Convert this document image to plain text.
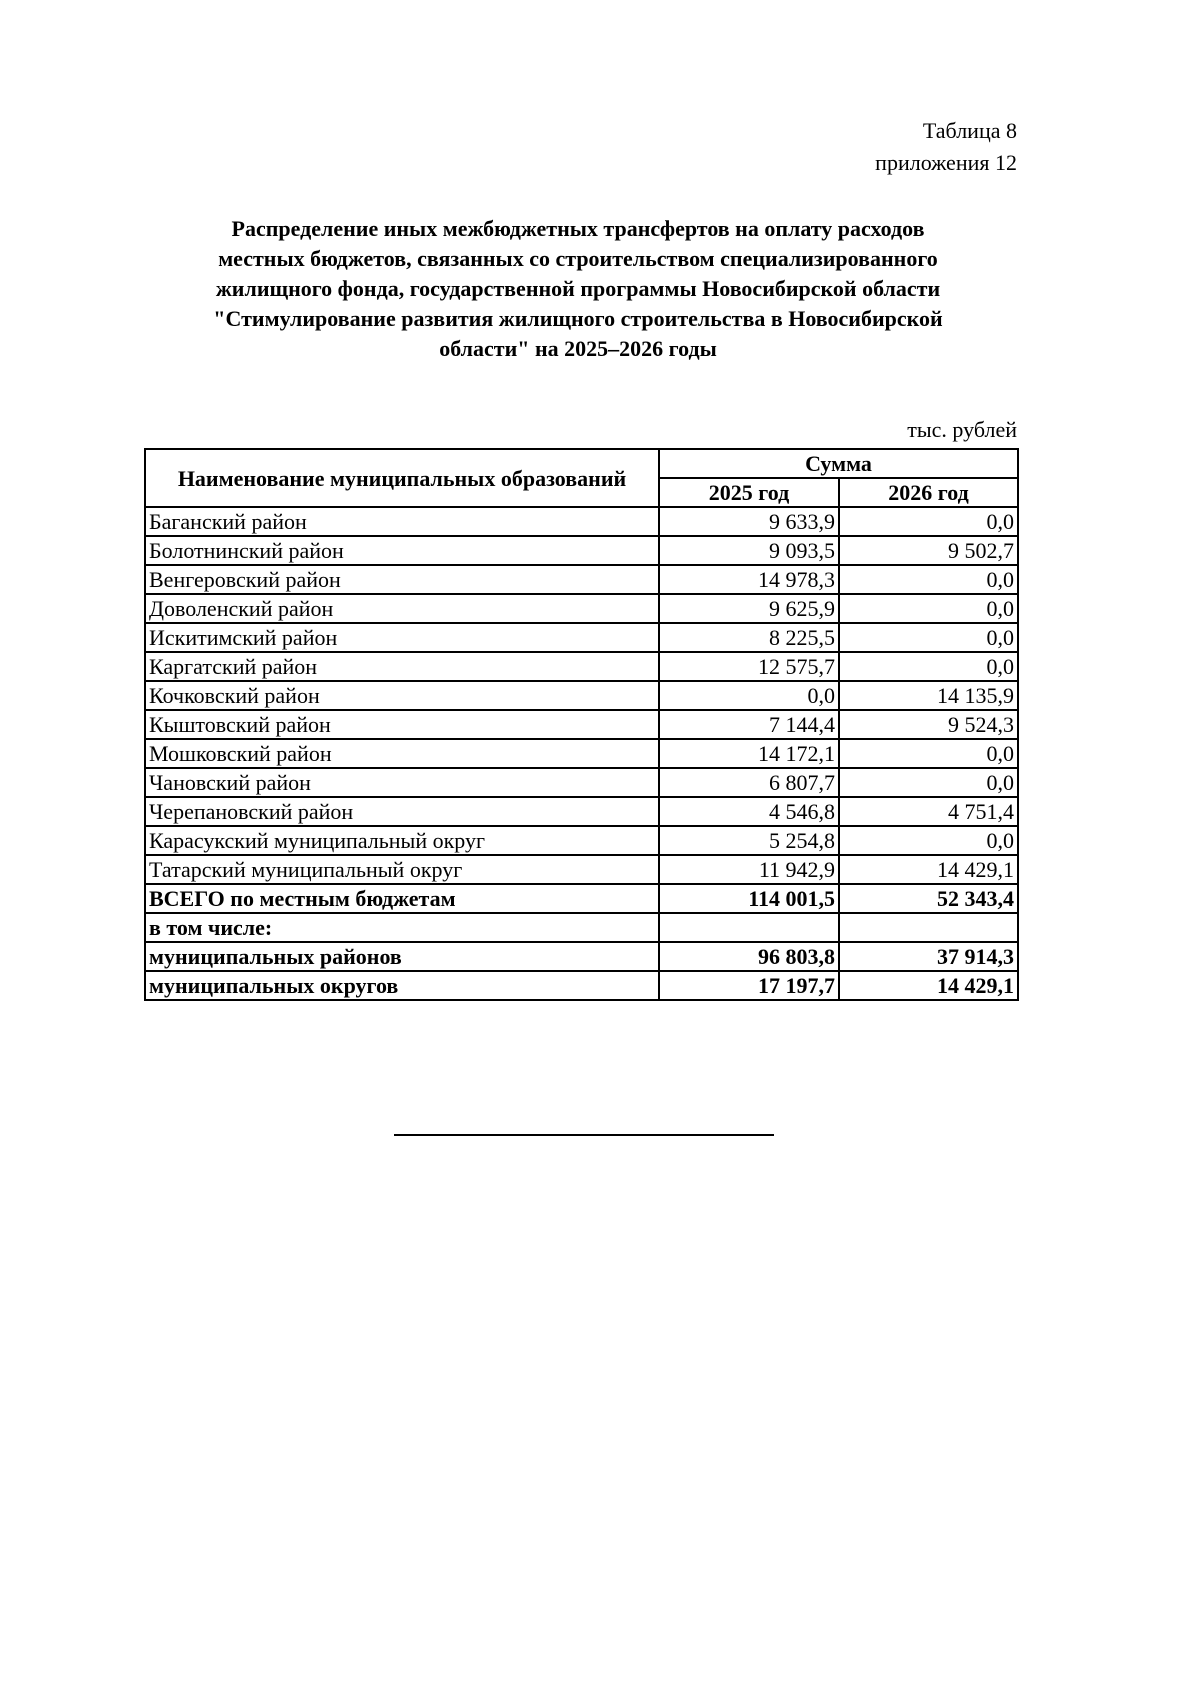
Таблица 8
приложения 12
Распределение иных межбюджетных трансфертов на оплату расходов
местных бюджетов, связанных со строительством специализированного
жилищного фонда, государственной программы Новосибирской области
"Стимулирование развития жилищного строительства в Новосибирской
области" на 2025–2026 годы
тыс. рублей
Наименование муниципальных образований	Сумма	
	2025 год	2026 год
Баганский район	9 633,9	0,0
Болотнинский район	9 093,5	9 502,7
Венгеровский район	14 978,3	0,0
Доволенский район	9 625,9	0,0
Искитимский район	8 225,5	0,0
Каргатский район	12 575,7	0,0
Кочковский район	0,0	14 135,9
Кыштовский район	7 144,4	9 524,3
Мошковский район	14 172,1	0,0
Чановский район	6 807,7	0,0
Черепановский район	4 546,8	4 751,4
Карасукский муниципальный округ	5 254,8	0,0
Татарский муниципальный округ	11 942,9	14 429,1
ВСЕГО по местным бюджетам	114 001,5	52 343,4
в том числе:		
муниципальных районов	96 803,8	37 914,3
муниципальных округов	17 197,7	14 429,1
